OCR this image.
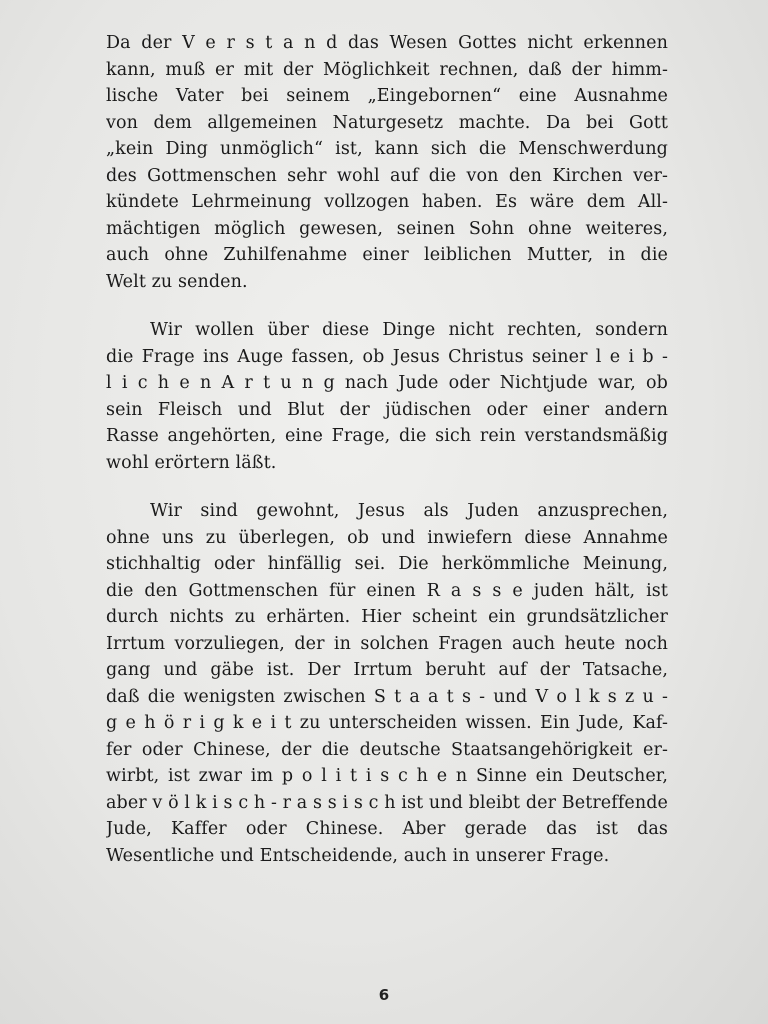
Da der V e r s t a n d das Wesen Gottes nicht erkennen
kann, muß er mit der Möglichkeit rechnen, daß der himm-
lische Vater bei seinem „Eingebornen“ eine Ausnahme
von dem allgemeinen Naturgesetz machte. Da bei Gott
„kein Ding unmöglich“ ist, kann sich die Menschwerdung
des Gottmenschen sehr wohl auf die von den Kirchen ver-
kündete Lehrmeinung vollzogen haben. Es wäre dem All-
mächtigen möglich gewesen, seinen Sohn ohne weiteres,
auch ohne Zuhilfenahme einer leiblichen Mutter, in die
Welt zu senden.
Wir wollen über diese Dinge nicht rechten, sondern
die Frage ins Auge fassen, ob Jesus Christus seiner l e i b -
l i c h e n A r t u n g nach Jude oder Nichtjude war, ob
sein Fleisch und Blut der jüdischen oder einer andern
Rasse angehörten, eine Frage, die sich rein verstandsmäßig
wohl erörtern läßt.
Wir sind gewohnt, Jesus als Juden anzusprechen,
ohne uns zu überlegen, ob und inwiefern diese Annahme
stichhaltig oder hinfällig sei. Die herkömmliche Meinung,
die den Gottmenschen für einen R a s s e juden hält, ist
durch nichts zu erhärten. Hier scheint ein grundsätzlicher
Irrtum vorzuliegen, der in solchen Fragen auch heute noch
gang und gäbe ist. Der Irrtum beruht auf der Tatsache,
daß die wenigsten zwischen S t a a t s - und V o l k s z u -
g e h ö r i g k e i t zu unterscheiden wissen. Ein Jude, Kaf-
fer oder Chinese, der die deutsche Staatsangehörigkeit er-
wirbt, ist zwar im p o l i t i s c h e n Sinne ein Deutscher,
aber v ö l k i s c h - r a s s i s c h ist und bleibt der Betreffende
Jude, Kaffer oder Chinese. Aber gerade das ist das
Wesentliche und Entscheidende, auch in unserer Frage.
6
